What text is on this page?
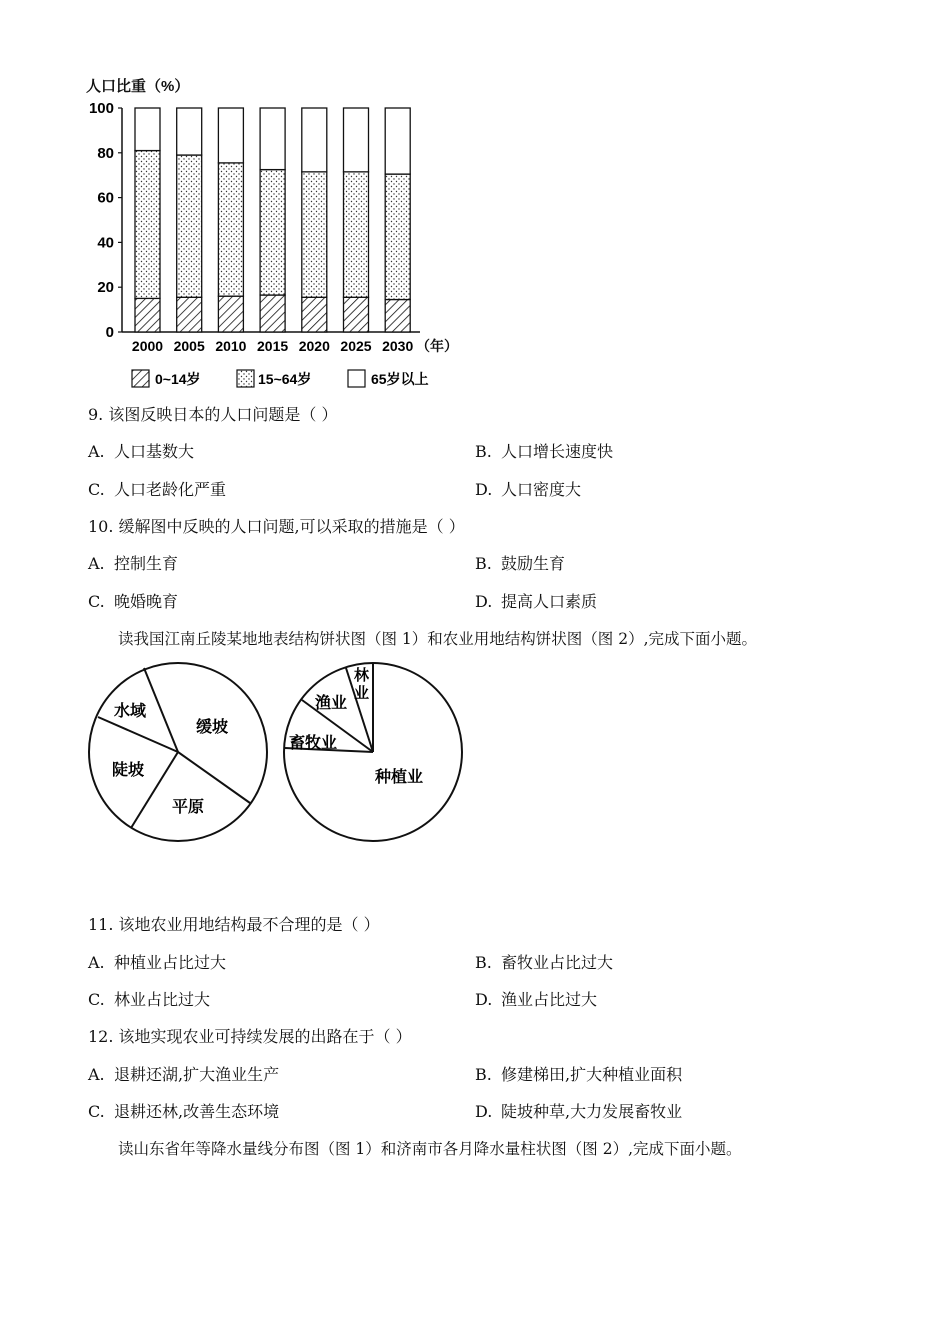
人口比重（%）
0
20
40
60
80
100
2000 2005 2010 2015 2020 2025 2030 （年）
0~14岁	15~64岁	65岁以上
9. 该图反映日本的人口问题是（ ）
A. 人口基数大	B. 人口增长速度快
C. 人口老龄化严重	D. 人口密度大
10. 缓解图中反映的人口问题,可以采取的措施是（ ）
A. 控制生育	B. 鼓励生育
C. 晚婚晚育	D. 提高人口素质
读我国江南丘陵某地地表结构饼状图（图 1）和农业用地结构饼状图（图 2）,完成下面小题。
水域
缓坡
陡坡
平原
林业
渔业
畜牧业
种植业
11. 该地农业用地结构最不合理的是（ ）
A. 种植业占比过大	B. 畜牧业占比过大
C. 林业占比过大	D. 渔业占比过大
12. 该地实现农业可持续发展的出路在于（ ）
A. 退耕还湖,扩大渔业生产	B. 修建梯田,扩大种植业面积
C. 退耕还林,改善生态环境	D. 陡坡种草,大力发展畜牧业
读山东省年等降水量线分布图（图 1）和济南市各月降水量柱状图（图 2）,完成下面小题。
